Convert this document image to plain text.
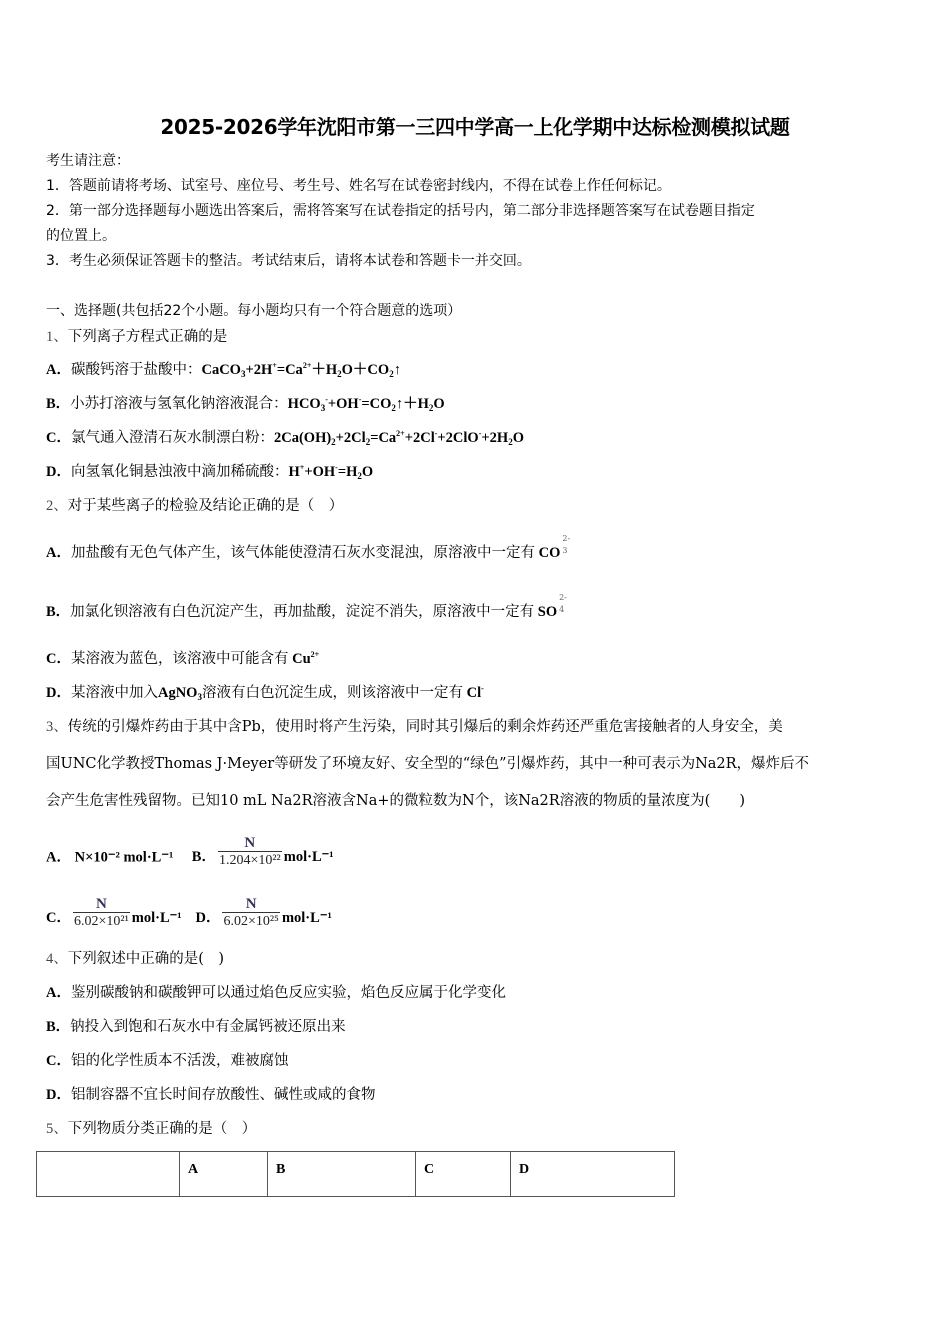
2025-2026学年沈阳市第一三四中学高一上化学期中达标检测模拟试题
考生请注意：
1．答题前请将考场、试室号、座位号、考生号、姓名写在试卷密封线内，不得在试卷上作任何标记。
2．第一部分选择题每小题选出答案后，需将答案写在试卷指定的括号内，第二部分非选择题答案写在试卷题目指定
的位置上。
3．考生必须保证答题卡的整洁。考试结束后，请将本试卷和答题卡一并交回。
一、选择题(共包括22个小题。每小题均只有一个符合题意的选项）
1、下列离子方程式正确的是
A．碳酸钙溶于盐酸中：$CaCO_3+2H^+=Ca^{2+}+H_2O+CO_2↑$
B．小苏打溶液与氢氧化钠溶液混合：$HCO_3^-+OH^-=CO_2↑+H_2O$
C．氯气通入澄清石灰水制漂白粉：$2Ca(OH)_2+2Cl_2=Ca^{2+}+2Cl^-+2ClO^-+2H_2O$
D．向氢氧化铜悬浊液中滴加稀硫酸：$H^++OH^-=H_2O$
2、对于某些离子的检验及结论正确的是（　）
A．加盐酸有无色气体产生，该气体能使澄清石灰水变混浊，原溶液中一定有 CO
2-
3
B．加氯化钡溶液有白色沉淀产生，再加盐酸，淀淀不消失，原溶液中一定有 SO
2-
4
C．某溶液为蓝色，该溶液中可能含有 $Cu^{2+}$
D．某溶液中加入AgNO$_3$溶液有白色沉淀生成，则该溶液中一定有 Cl-
3、传统的引爆炸药由于其中含Pb，使用时将产生污染，同时其引爆后的剩余炸药还严重危害接触者的人身安全，美
国UNC化学教授Thomas J·Meyer等研发了环境友好、安全型的“绿色”引爆炸药，其中一种可表示为Na2R，爆炸后不
会产生危害性残留物。已知10 mL Na2R溶液含Na+的微粒数为N个，该Na2R溶液的物质的量浓度为(　　)
A． N×10⁻² mol·L⁻¹ B． $\frac{N}{\text{1.204×10²²}} mol\cdot L^{-1}$
C． $\frac{N}{\text{6.02×10²¹}} mol\cdot L^{-1}$ D． $\frac{N}{\text{6.02×10²⁵}} mol\cdot L^{-1}$
4、下列叙述中正确的是(　)
A．鉴别碳酸钠和碳酸钾可以通过焰色反应实验，焰色反应属于化学变化
B．钠投入到饱和石灰水中有金属钙被还原出来
C．铝的化学性质本不活泼，难被腐蚀
D．铝制容器不宜长时间存放酸性、碱性或咸的食物
5、下列物质分类正确的是（　）
	A	B	C	D
